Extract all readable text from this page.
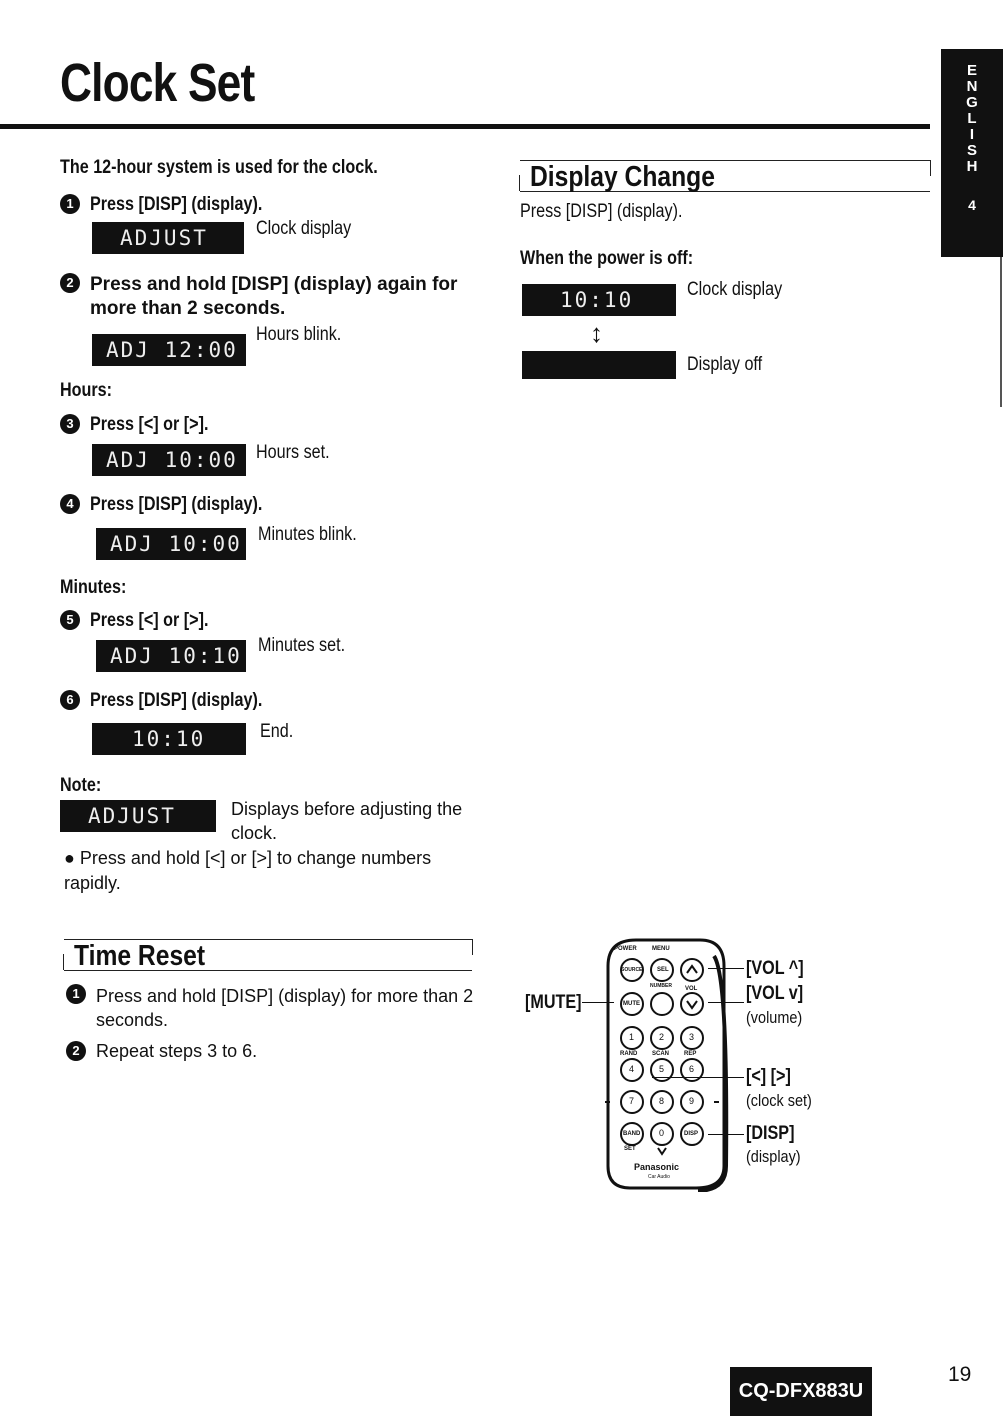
Clock Set	E
N
G
L
I
S
H
4
The 12-hour system is used for the clock.
1 Press [DISP] (display).
ADJUST	Clock display
2 Press and hold [DISP] (display) again for more than 2 seconds.
ADJ 12:00
Hours blink.
Hours:
3 Press [<] or [>].
ADJ 10:00 Hours set.
4 Press [DISP] (display).
ADJ 10:00 Minutes blink.
Minutes:
5 Press [<] or [>].
ADJ 10:10 Minutes set.
6 Press [DISP] (display).
10:10	End.
Note:
ADJUST	Displays before adjusting the clock.
● Press and hold [<] or [>] to change numbers rapidly.
Time Reset
1 Press and hold [DISP] (display) for more than 2 seconds.
2 Repeat steps 3 to 6.
Display Change
Press [DISP] (display).
When the power is off:
10:10	Clock display
↕
Display off
POWER	MENU
SOURCE SEL
NUMBER VOL
MUTE
RAND SCAN REP
BAND	DISP
SET
Panasonic
Car Audio
1	2	3
4	5	6
7	8	9
0
[MUTE]
[VOL ^]
[VOL v]
(volume)
[<] [>]
(clock set)
[DISP]
(display)
CQ-DFX883U
19
